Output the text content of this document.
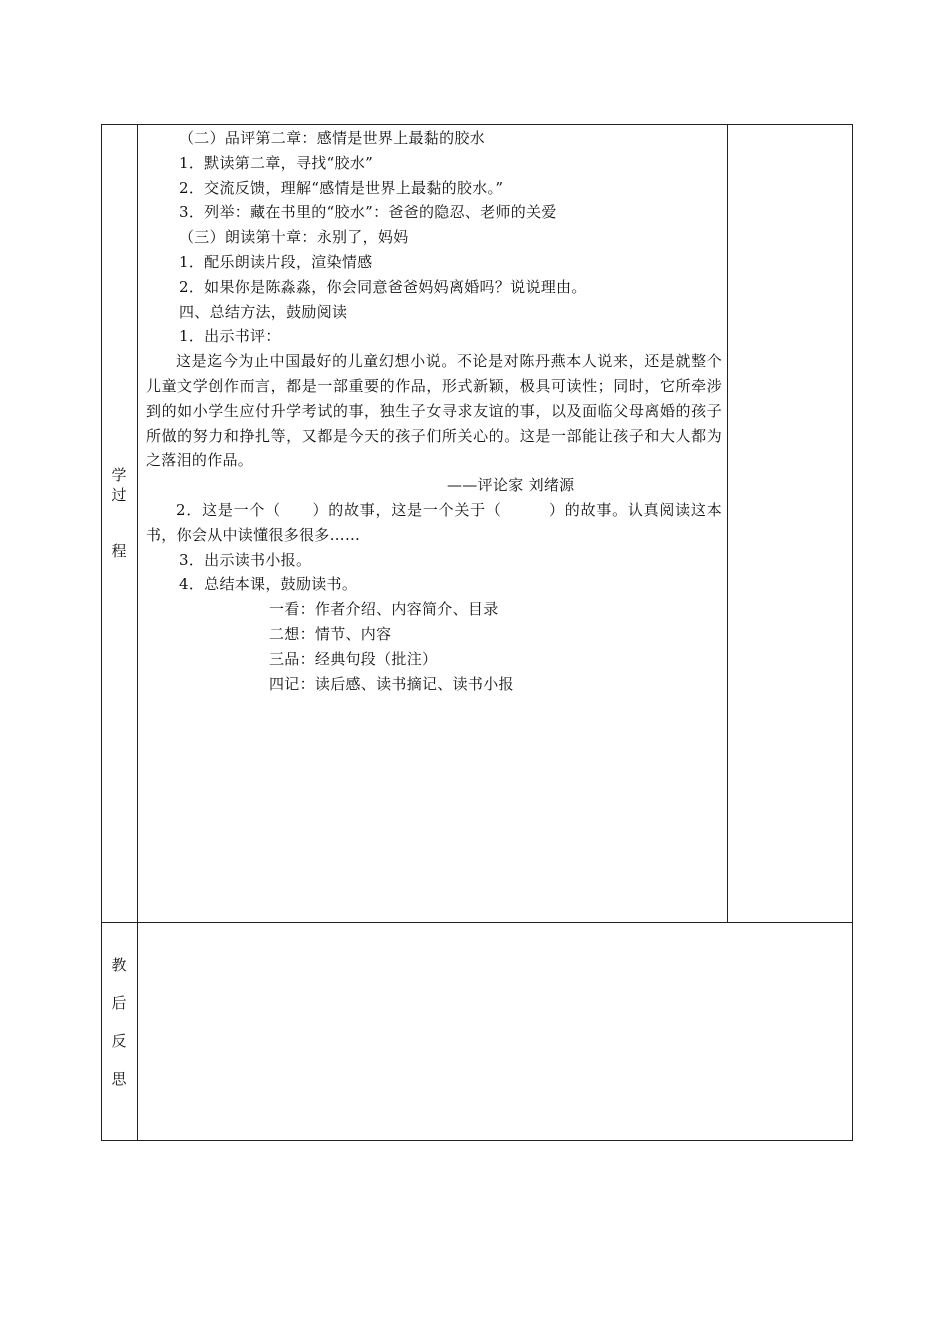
学
过
程
教
后
反
思

（二）品评第二章：感情是世界上最黏的胶水

1．默读第二章，寻找“胶水”

2．交流反馈，理解“感情是世界上最黏的胶水。”

3．列举：藏在书里的“胶水”：爸爸的隐忍、老师的关爱

（三）朗读第十章：永别了，妈妈

1．配乐朗读片段，渲染情感

2．如果你是陈淼淼，你会同意爸爸妈妈离婚吗？说说理由。

四、总结方法，鼓励阅读

1．出示书评：

这是迄今为止中国最好的儿童幻想小说。不论是对陈丹燕本人说来，还是就整个儿童文学创作而言，都是一部重要的作品，形式新颖，极具可读性；同时，它所牵涉到的如小学生应付升学考试的事，独生子女寻求友谊的事，以及面临父母离婚的孩子所做的努力和挣扎等，又都是今天的孩子们所关心的。这是一部能让孩子和大人都为之落泪的作品。

——评论家 刘绪源

2．这是一个（　　）的故事，这是一个关于（　　　）的故事。认真阅读这本书，你会从中读懂很多很多……

3．出示读书小报。

4．总结本课，鼓励读书。

一看：作者介绍、内容简介、目录

二想：情节、内容

三品：经典句段（批注）

四记：读后感、读书摘记、读书小报
